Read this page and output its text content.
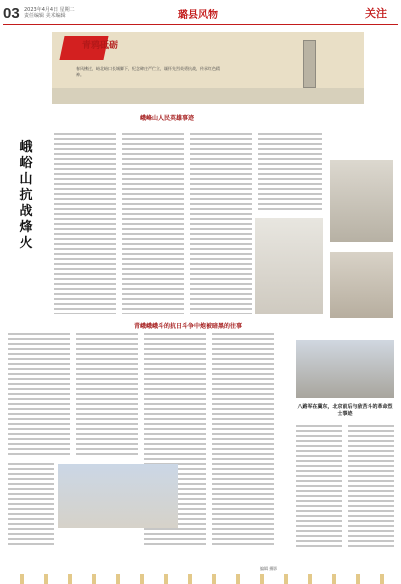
03 2023年4月4日 星期二
责任编辑 美术编辑	璐县风物	关注
青鸦砥砺
春风拂过，峪北峪口长城脚下，纪念碑庄严伫立，缅怀先烈英勇抗战，传承红色精神。
峨峰山人民英雄事迹
峨峪山抗战烽火
青峨峨峨斗的抗日斗争中炮被暗黑的往事
八路军在冀东，北京前后与敌苦斗的革命烈士事迹
编辑 摄影
